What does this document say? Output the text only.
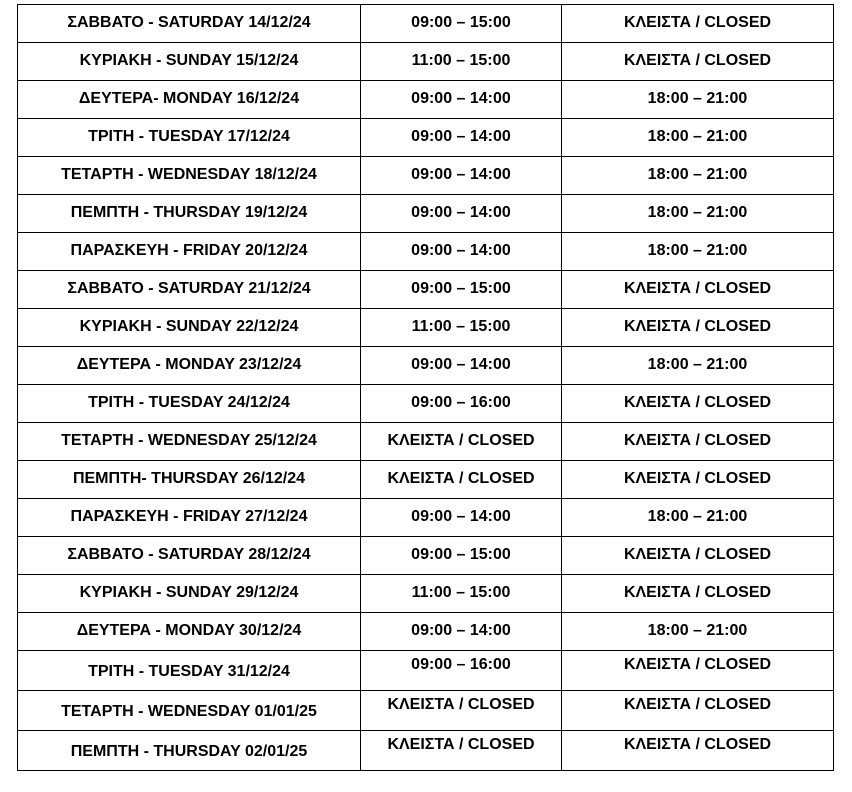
ΣΑΒΒΑΤΟ - SATURDAY 14/12/24	09:00 – 15:00	ΚΛΕΙΣΤΑ / CLOSED

ΚΥΡΙΑΚΗ - SUNDAY 15/12/24	11:00 – 15:00	ΚΛΕΙΣΤΑ / CLOSED

ΔΕΥΤΕΡΑ- MONDAY 16/12/24	09:00 – 14:00	18:00 – 21:00

ΤΡΙΤΗ - TUESDAY 17/12/24	09:00 – 14:00	18:00 – 21:00

ΤΕΤΑΡΤΗ - WEDNESDAY 18/12/24	09:00 – 14:00	18:00 – 21:00

ΠΕΜΠΤΗ - THURSDAY 19/12/24	09:00 – 14:00	18:00 – 21:00

ΠΑΡΑΣΚΕΥΗ - FRIDAY 20/12/24	09:00 – 14:00	18:00 – 21:00

ΣΑΒΒΑΤΟ - SATURDAY 21/12/24	09:00 – 15:00	ΚΛΕΙΣΤΑ / CLOSED

ΚΥΡΙΑΚΗ - SUNDAY 22/12/24	11:00 – 15:00	ΚΛΕΙΣΤΑ / CLOSED

ΔΕΥΤΕΡΑ - MONDAY 23/12/24	09:00 – 14:00	18:00 – 21:00

ΤΡΙΤΗ - TUESDAY 24/12/24	09:00 – 16:00	ΚΛΕΙΣΤΑ / CLOSED

ΤΕΤΑΡΤΗ - WEDNESDAY 25/12/24	ΚΛΕΙΣΤΑ / CLOSED	ΚΛΕΙΣΤΑ / CLOSED

ΠΕΜΠΤΗ- THURSDAY 26/12/24	ΚΛΕΙΣΤΑ / CLOSED	ΚΛΕΙΣΤΑ / CLOSED

ΠΑΡΑΣΚΕΥΗ - FRIDAY 27/12/24	09:00 – 14:00	18:00 – 21:00

ΣΑΒΒΑΤΟ - SATURDAY 28/12/24	09:00 – 15:00	ΚΛΕΙΣΤΑ / CLOSED

ΚΥΡΙΑΚΗ - SUNDAY 29/12/24	11:00 – 15:00	ΚΛΕΙΣΤΑ / CLOSED

ΔΕΥΤΕΡΑ - MONDAY 30/12/24	09:00 – 14:00	18:00 – 21:00

ΤΡΙΤΗ - TUESDAY 31/12/24	09:00 – 16:00	ΚΛΕΙΣΤΑ / CLOSED

ΤΕΤΑΡΤΗ - WEDNESDAY 01/01/25	ΚΛΕΙΣΤΑ / CLOSED	ΚΛΕΙΣΤΑ / CLOSED

ΠΕΜΠΤΗ - THURSDAY 02/01/25	ΚΛΕΙΣΤΑ / CLOSED	ΚΛΕΙΣΤΑ / CLOSED
